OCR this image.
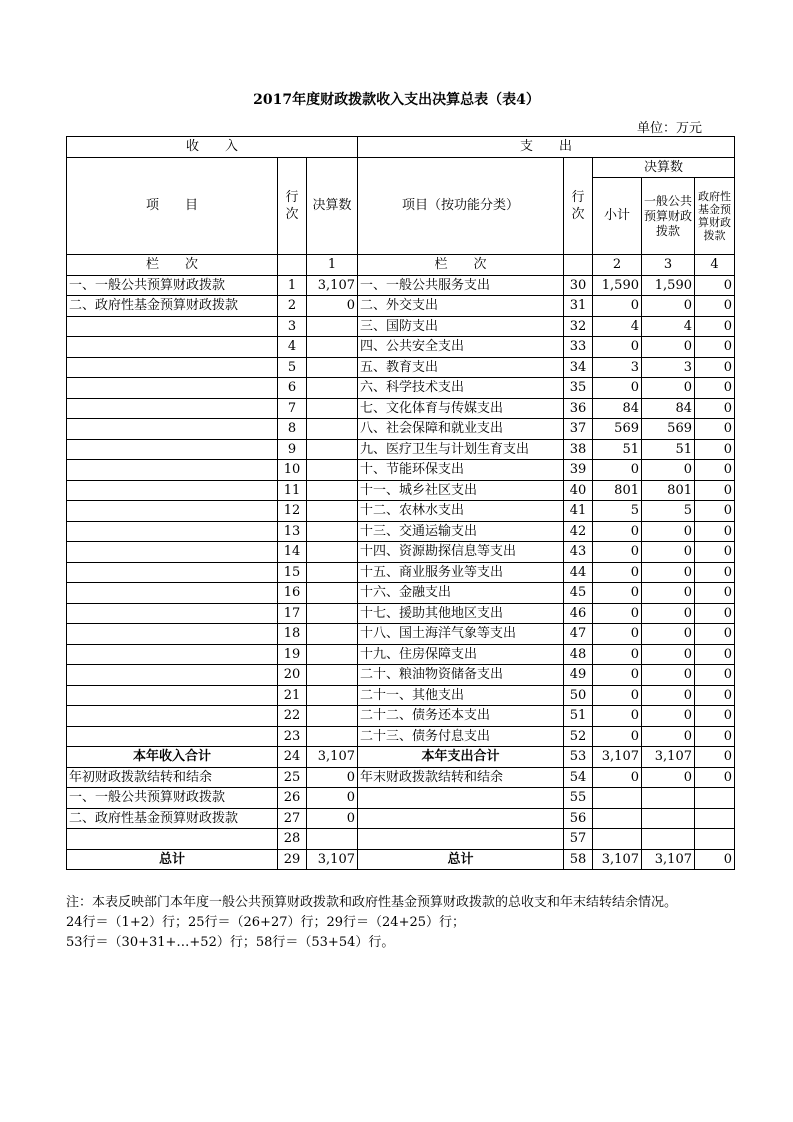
2017年度财政拨款收入支出决算总表（表4）
单位：万元
收　　入			支　　出				
项　　目	行次	决算数	项目（按功能分类）	行次	决算数		
					小计	一般公共预算财政拨款	政府性基金预算财政拨款
栏　　次		1	栏　　次		2	3	4
一、一般公共预算财政拨款	1	3,107	一、一般公共服务支出	30	1,590	1,590	0
二、政府性基金预算财政拨款	2	0	二、外交支出	31	0	0	0
	3		三、国防支出	32	4	4	0
	4		四、公共安全支出	33	0	0	0
	5		五、教育支出	34	3	3	0
	6		六、科学技术支出	35	0	0	0
	7		七、文化体育与传媒支出	36	84	84	0
	8		八、社会保障和就业支出	37	569	569	0
	9		九、医疗卫生与计划生育支出	38	51	51	0
	10		十、节能环保支出	39	0	0	0
	11		十一、城乡社区支出	40	801	801	0
	12		十二、农林水支出	41	5	5	0
	13		十三、交通运输支出	42	0	0	0
	14		十四、资源勘探信息等支出	43	0	0	0
	15		十五、商业服务业等支出	44	0	0	0
	16		十六、金融支出	45	0	0	0
	17		十七、援助其他地区支出	46	0	0	0
	18		十八、国土海洋气象等支出	47	0	0	0
	19		十九、住房保障支出	48	0	0	0
	20		二十、粮油物资储备支出	49	0	0	0
	21		二十一、其他支出	50	0	0	0
	22		二十二、债务还本支出	51	0	0	0
	23		二十三、债务付息支出	52	0	0	0
本年收入合计	24	3,107	本年支出合计	53	3,107	3,107	0
年初财政拨款结转和结余	25	0	年末财政拨款结转和结余	54	0	0	0
一、一般公共预算财政拨款	26	0		55			
二、政府性基金预算财政拨款	27	0		56			
	28			57			
总计	29	3,107	总计	58	3,107	3,107	0
注：本表反映部门本年度一般公共预算财政拨款和政府性基金预算财政拨款的总收支和年末结转结余情况。
24行＝（1+2）行；25行＝（26+27）行；29行＝（24+25）行；
53行＝（30+31+…+52）行；58行＝（53+54）行。
